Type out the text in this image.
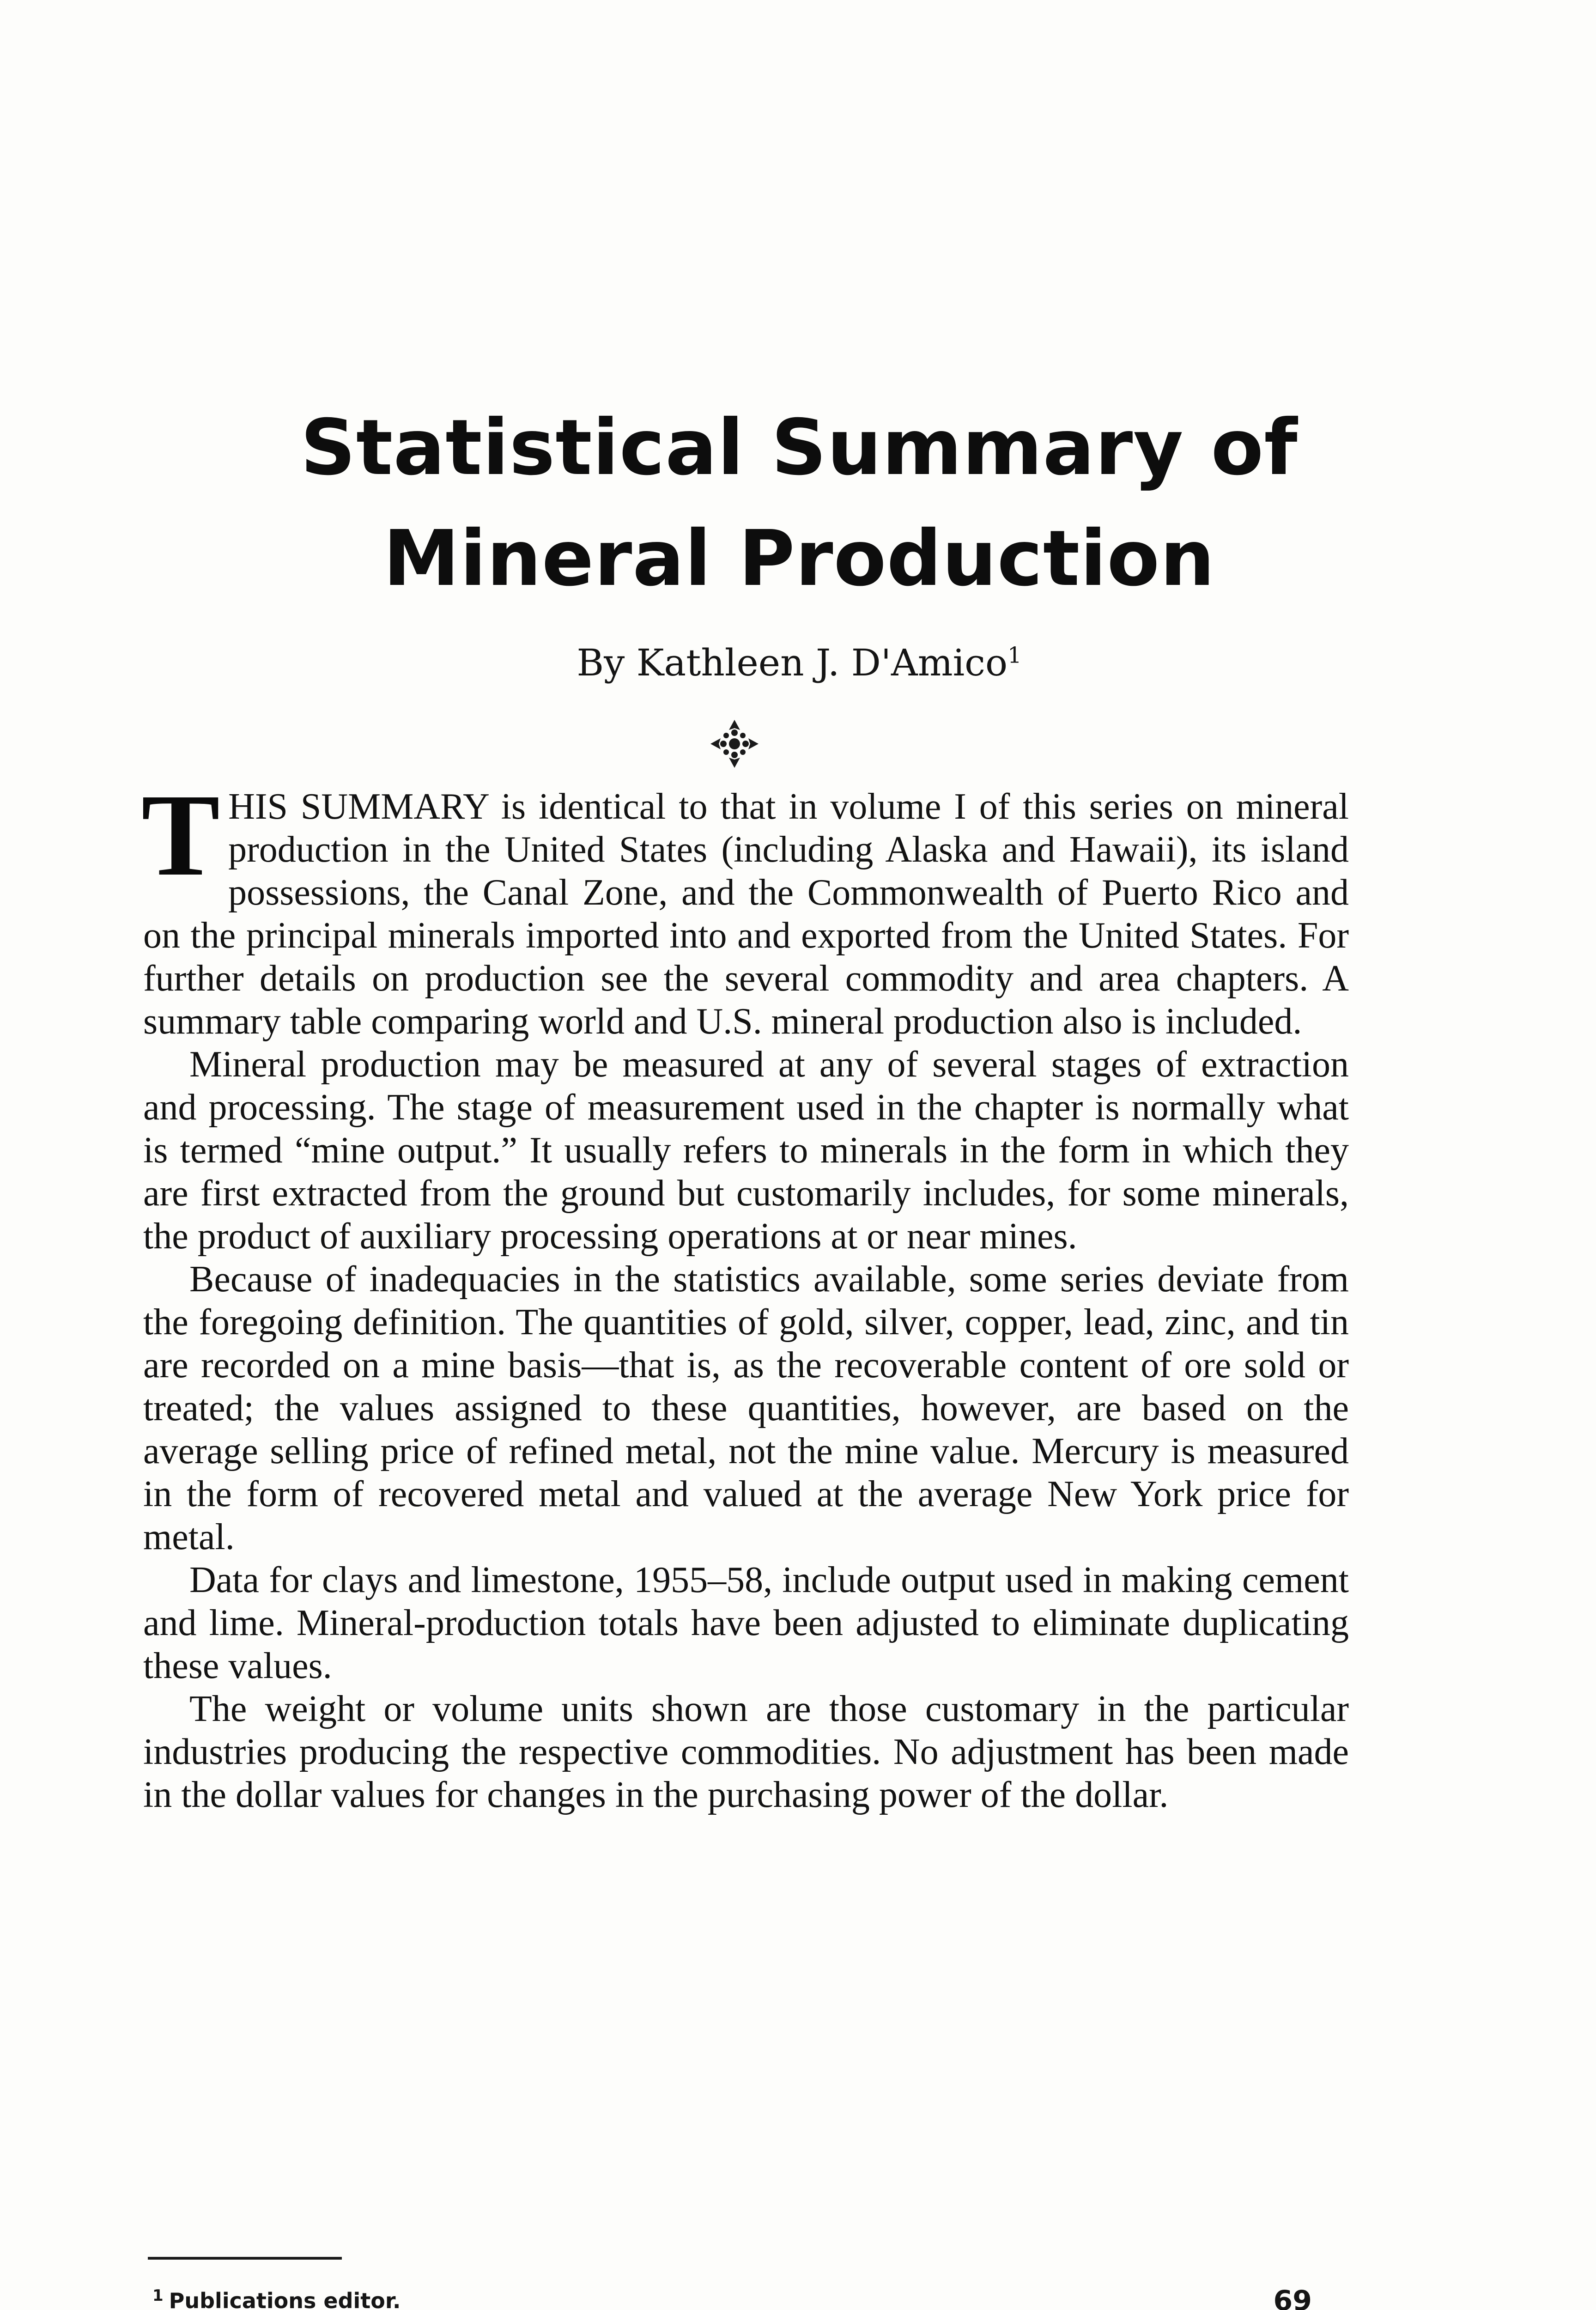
Statistical Summary of Mineral Production
By Kathleen J. D'Amico$^1$

THIS SUMMARY is identical to that in volume I of this series on mineral production in the United States (including Alaska and Hawaii), its island possessions, the Canal Zone, and the Commonwealth of Puerto Rico and on the principal minerals imported into and exported from the United States. For further details on production see the several commodity and area chapters. A summary table comparing world and U.S. mineral production also is included.

Mineral production may be measured at any of several stages of extraction and processing. The stage of measurement used in the chapter is normally what is termed “mine output.” It usually refers to minerals in the form in which they are first extracted from the ground but customarily includes, for some minerals, the product of auxiliary processing operations at or near mines.

Because of inadequacies in the statistics available, some series deviate from the foregoing definition. The quantities of gold, silver, copper, lead, zinc, and tin are recorded on a mine basis—that is, as the recoverable content of ore sold or treated; the values assigned to these quantities, however, are based on the average selling price of refined metal, not the mine value. Mercury is measured in the form of recovered metal and valued at the average New York price for metal.

Data for clays and limestone, 1955–58, include output used in making cement and lime. Mineral-production totals have been adjusted to eliminate duplicating these values.

The weight or volume units shown are those customary in the particular industries producing the respective commodities. No adjustment has been made in the dollar values for changes in the purchasing power of the dollar.

$^1$ Publications editor.	69
